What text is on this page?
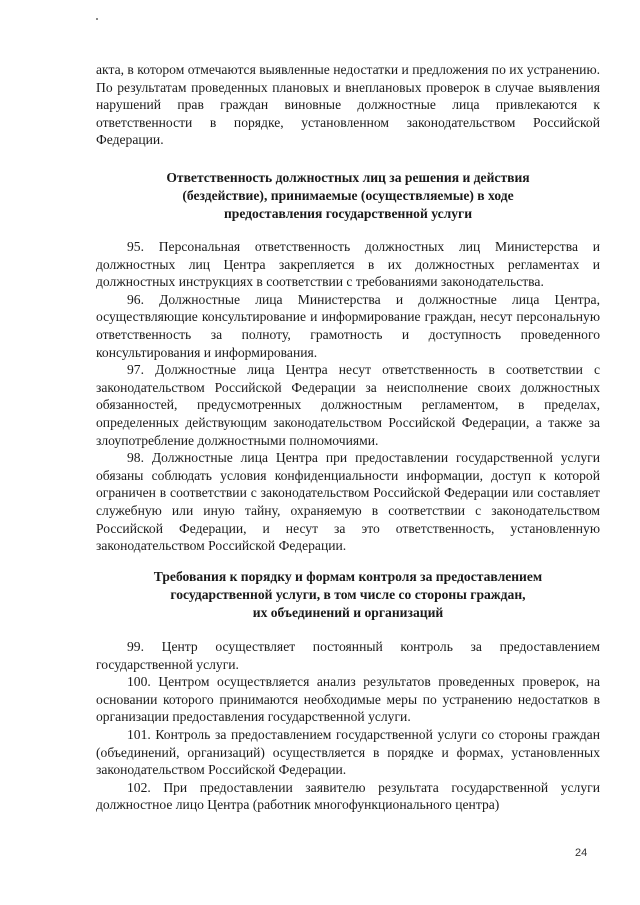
акта, в котором отмечаются выявленные недостатки и предложения по их устранению. По результатам проведенных плановых и внеплановых проверок в случае выявления нарушений прав граждан виновные должностные лица привлекаются к ответственности в порядке, установленном законодательством Российской Федерации.

Ответственность должностных лиц за решения и действия
(бездействие), принимаемые (осуществляемые) в ходе
предоставления государственной услуги

95. Персональная ответственность должностных лиц Министерства и должностных лиц Центра закрепляется в их должностных регламентах и должностных инструкциях в соответствии с требованиями законодательства.

96. Должностные лица Министерства и должностные лица Центра, осуществляющие консультирование и информирование граждан, несут персональную ответственность за полноту, грамотность и доступность проведенного консультирования и информирования.

97. Должностные лица Центра несут ответственность в соответствии с законодательством Российской Федерации за неисполнение своих должностных обязанностей, предусмотренных должностным регламентом, в пределах, определенных действующим законодательством Российской Федерации, а также за злоупотребление должностными полномочиями.

98. Должностные лица Центра при предоставлении государственной услуги обязаны соблюдать условия конфиденциальности информации, доступ к которой ограничен в соответствии с законодательством Российской Федерации или составляет служебную или иную тайну, охраняемую в соответствии с законодательством Российской Федерации, и несут за это ответственность, установленную законодательством Российской Федерации.

Требования к порядку и формам контроля за предоставлением
государственной услуги, в том числе со стороны граждан,
их объединений и организаций

99. Центр осуществляет постоянный контроль за предоставлением государственной услуги.

100. Центром осуществляется анализ результатов проведенных проверок, на основании которого принимаются необходимые меры по устранению недостатков в организации предоставления государственной услуги.

101. Контроль за предоставлением государственной услуги со стороны граждан (объединений, организаций) осуществляется в порядке и формах, установленных законодательством Российской Федерации.

102. При предоставлении заявителю результата государственной услуги должностное лицо Центра (работник многофункционального центра)

24
